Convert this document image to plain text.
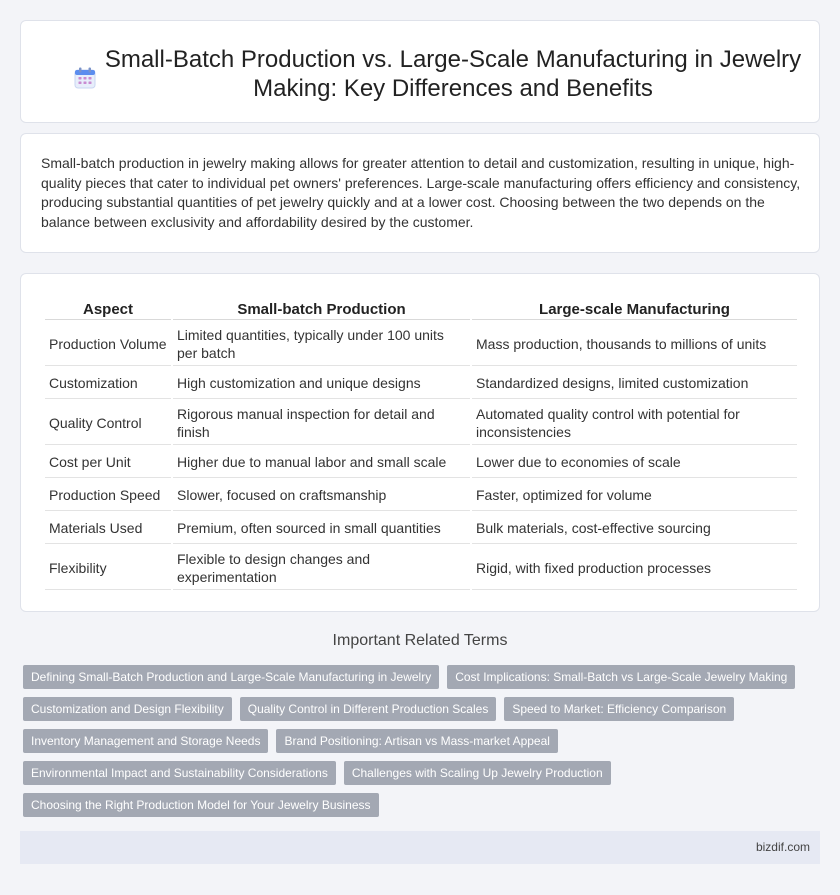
Small-Batch Production vs. Large-Scale Manufacturing in Jewelry Making: Key Differences and Benefits

Small-batch production in jewelry making allows for greater attention to detail and customization, resulting in unique, high-quality pieces that cater to individual pet owners' preferences. Large-scale manufacturing offers efficiency and consistency, producing substantial quantities of pet jewelry quickly and at a lower cost. Choosing between the two depends on the balance between exclusivity and affordability desired by the customer.

Aspect	Small-batch Production	Large-scale Manufacturing
Production Volume	Limited quantities, typically under 100 units per batch	Mass production, thousands to millions of units
Customization	High customization and unique designs	Standardized designs, limited customization
Quality Control	Rigorous manual inspection for detail and finish	Automated quality control with potential for inconsistencies
Cost per Unit	Higher due to manual labor and small scale	Lower due to economies of scale
Production Speed	Slower, focused on craftsmanship	Faster, optimized for volume
Materials Used	Premium, often sourced in small quantities	Bulk materials, cost-effective sourcing
Flexibility	Flexible to design changes and experimentation	Rigid, with fixed production processes
Important Related Terms
Defining Small-Batch Production and Large-Scale Manufacturing in Jewelry	Cost Implications: Small-Batch vs Large-Scale Jewelry Making
Customization and Design Flexibility	Quality Control in Different Production Scales	Speed to Market: Efficiency Comparison
Inventory Management and Storage Needs	Brand Positioning: Artisan vs Mass-market Appeal
Environmental Impact and Sustainability Considerations	Challenges with Scaling Up Jewelry Production
Choosing the Right Production Model for Your Jewelry Business
bizdif.com
